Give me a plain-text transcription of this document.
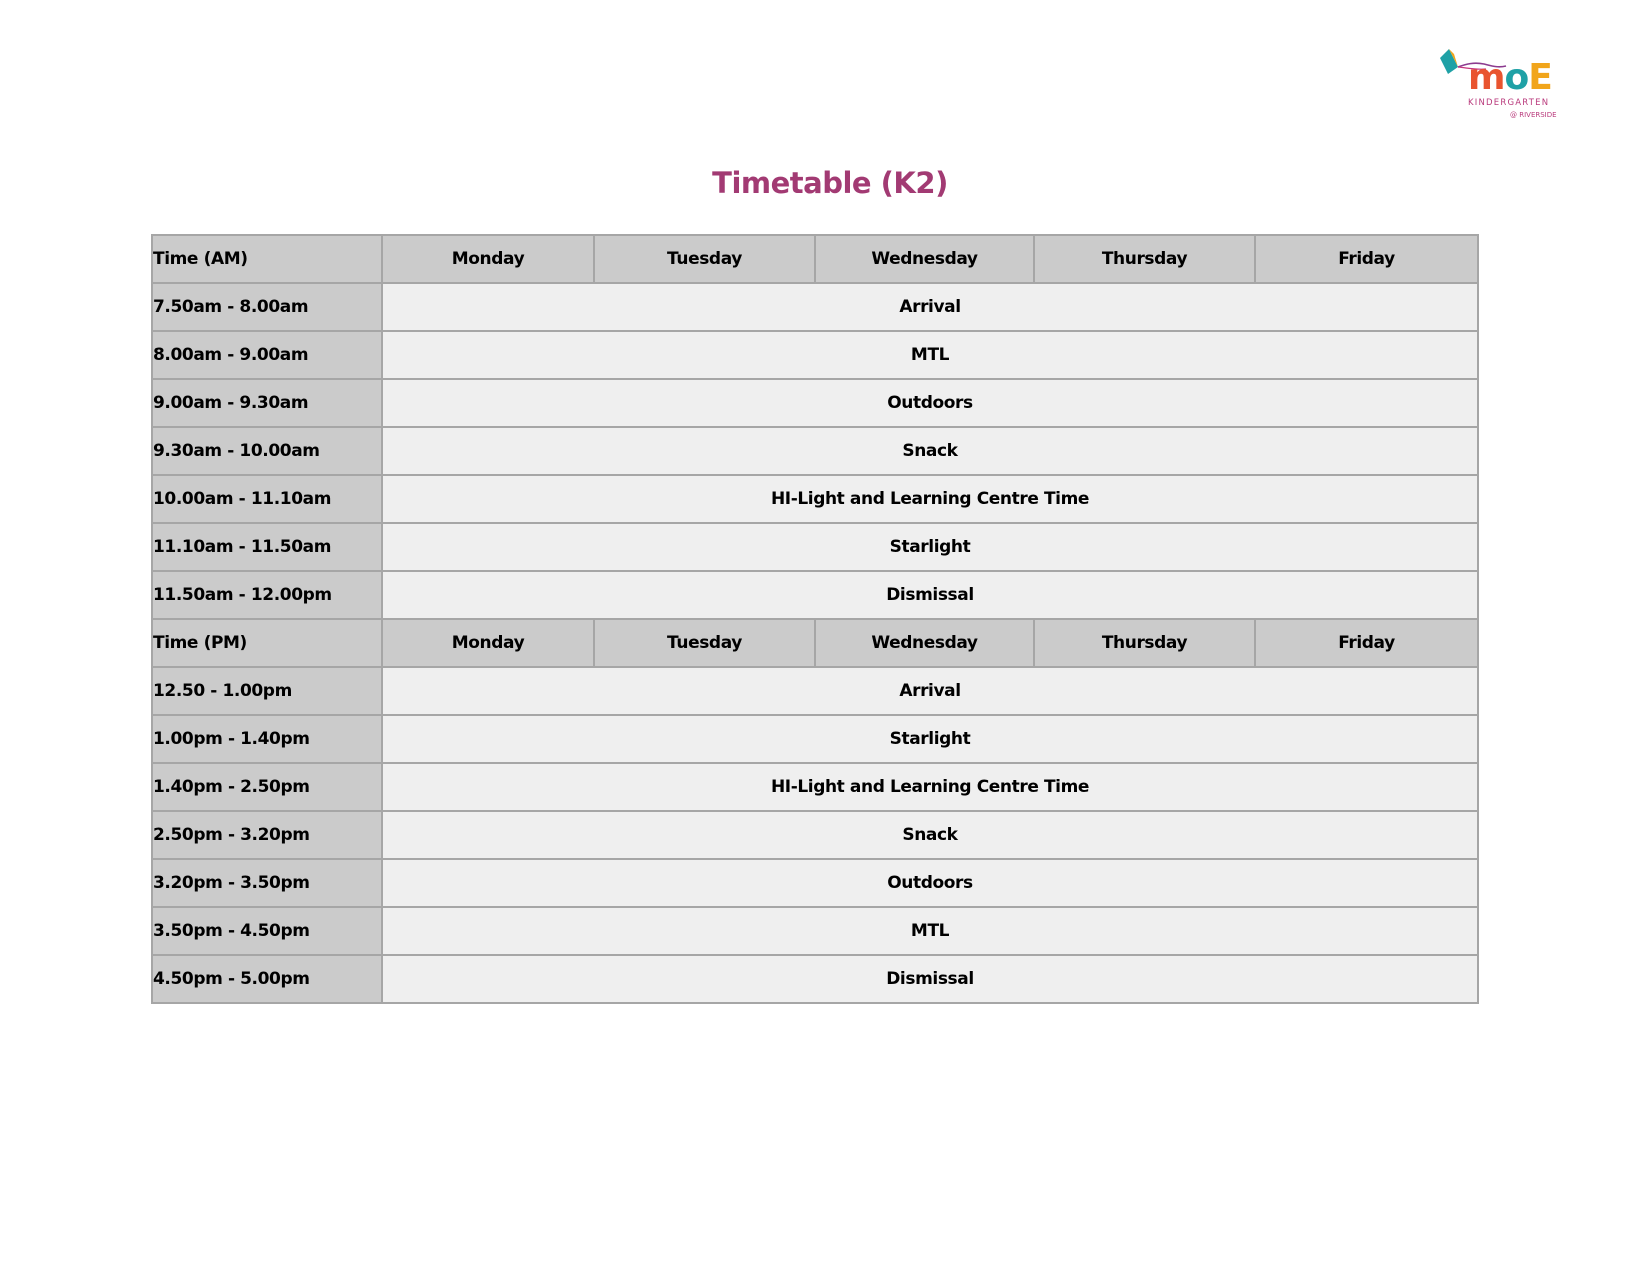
moE
KINDERGARTEN
@ RIVERSIDE
Timetable (K2)
Time (AM)	Monday	Tuesday	Wednesday	Thursday	Friday
7.50am - 8.00am	Arrival				
8.00am - 9.00am	MTL				
9.00am - 9.30am	Outdoors				
9.30am - 10.00am	Snack				
10.00am - 11.10am	HI-Light and Learning Centre Time				
11.10am - 11.50am	Starlight				
11.50am - 12.00pm	Dismissal				
Time (PM)	Monday	Tuesday	Wednesday	Thursday	Friday
12.50 - 1.00pm	Arrival				
1.00pm - 1.40pm	Starlight				
1.40pm - 2.50pm	HI-Light and Learning Centre Time				
2.50pm - 3.20pm	Snack				
3.20pm - 3.50pm	Outdoors				
3.50pm - 4.50pm	MTL				
4.50pm - 5.00pm	Dismissal				
